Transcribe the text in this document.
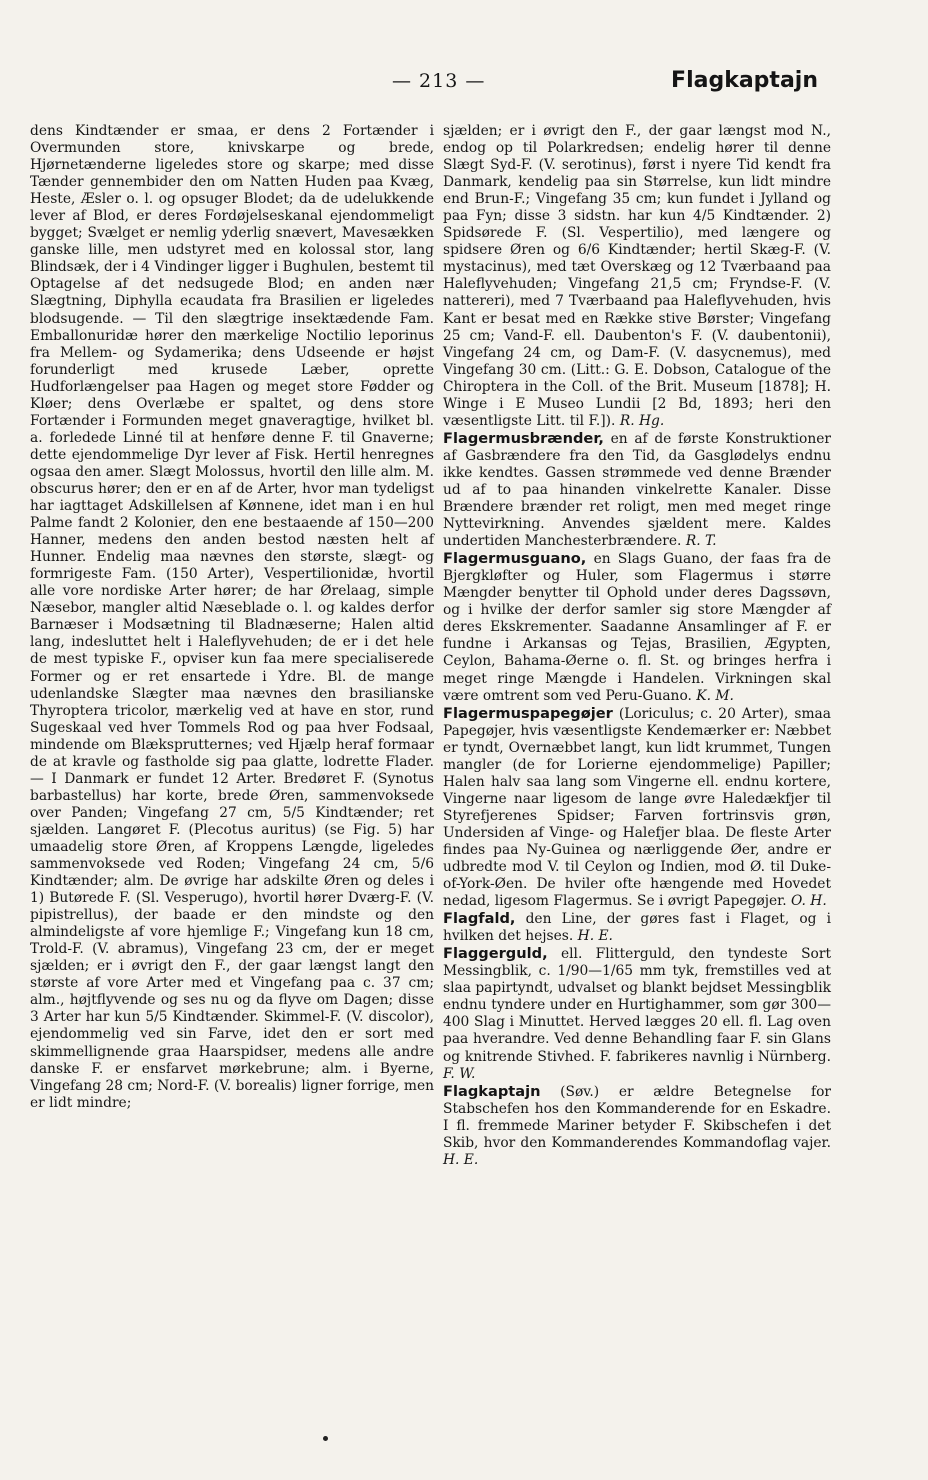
— 213 —	Flagkaptajn

dens Kindtænder er smaa, er dens 2 Fortænder i Overmunden store, knivskarpe og brede, Hjørnetænderne ligeledes store og skarpe; med disse Tænder gennembider den om Natten Huden paa Kvæg, Heste, Æsler o. l. og opsuger Blodet; da de udelukkende lever af Blod, er deres Fordøjelseskanal ejendommeligt bygget; Svælget er nemlig yderlig snævert, Mavesækken ganske lille, men udstyret med en kolossal stor, lang Blindsæk, der i 4 Vindinger ligger i Bughulen, bestemt til Optagelse af det nedsugede Blod; en anden nær Slægtning, Diphylla ecaudata fra Brasilien er ligeledes blodsugende. — Til den slægtrige insektædende Fam. Emballonuridæ hører den mærkelige Noctilio leporinus fra Mellem- og Sydamerika; dens Udseende er højst forunderligt med krusede Læber, oprette Hudforlængelser paa Hagen og meget store Fødder og Kløer; dens Overlæbe er spaltet, og dens store Fortænder i Formunden meget gnaveragtige, hvilket bl. a. forledede Linné til at henføre denne F. til Gnaverne; dette ejendommelige Dyr lever af Fisk. Hertil henregnes ogsaa den amer. Slægt Molossus, hvortil den lille alm. M. obscurus hører; den er en af de Arter, hvor man tydeligst har iagttaget Adskillelsen af Kønnene, idet man i en hul Palme fandt 2 Kolonier, den ene bestaaende af 150—200 Hanner, medens den anden bestod næsten helt af Hunner. Endelig maa nævnes den største, slægt- og formrigeste Fam. (150 Arter), Vespertilionidæ, hvortil alle vore nordiske Arter hører; de har Ørelaag, simple Næsebor, mangler altid Næseblade o. l. og kaldes derfor Barnæser i Modsætning til Bladnæserne; Halen altid lang, indesluttet helt i Haleflyvehuden; de er i det hele de mest typiske F., opviser kun faa mere specialiserede Former og er ret ensartede i Ydre. Bl. de mange udenlandske Slægter maa nævnes den brasilianske Thyroptera tricolor, mærkelig ved at have en stor, rund Sugeskaal ved hver Tommels Rod og paa hver Fodsaal, mindende om Blæksprutternes; ved Hjælp heraf formaar de at kravle og fastholde sig paa glatte, lodrette Flader. — I Danmark er fundet 12 Arter. Bredøret F. (Synotus barbastellus) har korte, brede Øren, sammenvoksede over Panden; Vingefang 27 cm, 5/5 Kindtænder; ret sjælden. Langøret F. (Plecotus auritus) (se Fig. 5) har umaadelig store Øren, af Kroppens Længde, ligeledes sammenvoksede ved Roden; Vingefang 24 cm, 5/6 Kindtænder; alm. De øvrige har adskilte Øren og deles i 1) Butørede F. (Sl. Vesperugo), hvortil hører Dværg-F. (V. pipistrellus), der baade er den mindste og den almindeligste af vore hjemlige F.; Vingefang kun 18 cm, Trold-F. (V. abramus), Vingefang 23 cm, der er meget sjælden; er i øvrigt den F., der gaar længst langt den største af vore Arter med et Vingefang paa c. 37 cm; alm., højtflyvende og ses nu og da flyve om Dagen; disse 3 Arter har kun 5/5 Kindtænder. Skimmel-F. (V. discolor), ejendommelig ved sin Farve, idet den er sort med skimmellignende graa Haarspidser, medens alle andre danske F. er ensfarvet mørkebrune; alm. i Byerne, Vingefang 28 cm; Nord-F. (V. borealis) ligner forrige, men er lidt mindre;

sjælden; er i øvrigt den F., der gaar længst mod N., endog op til Polarkredsen; endelig hører til denne Slægt Syd-F. (V. serotinus), først i nyere Tid kendt fra Danmark, kendelig paa sin Størrelse, kun lidt mindre end Brun-F.; Vingefang 35 cm; kun fundet i Jylland og paa Fyn; disse 3 sidstn. har kun 4/5 Kindtænder. 2) Spidsørede F. (Sl. Vespertilio), med længere og spidsere Øren og 6/6 Kindtænder; hertil Skæg-F. (V. mystacinus), med tæt Overskæg og 12 Tværbaand paa Haleflyvehuden; Vingefang 21,5 cm; Fryndse-F. (V. nattereri), med 7 Tværbaand paa Haleflyvehuden, hvis Kant er besat med en Række stive Børster; Vingefang 25 cm; Vand-F. ell. Daubenton's F. (V. daubentonii), Vingefang 24 cm, og Dam-F. (V. dasycnemus), med Vingefang 30 cm. (Litt.: G. E. Dobson, Catalogue of the Chiroptera in the Coll. of the Brit. Museum [1878]; H. Winge i E Museo Lundii [2 Bd, 1893; heri den væsentligste Litt. til F.]). R. Hg.

Flagermusbrænder, en af de første Konstruktioner af Gasbrændere fra den Tid, da Gasglødelys endnu ikke kendtes. Gassen strømmede ved denne Brænder ud af to paa hinanden vinkelrette Kanaler. Disse Brændere brænder ret roligt, men med meget ringe Nyttevirkning. Anvendes sjældent mere. Kaldes undertiden Manchesterbrændere. R. T.

Flagermusguano, en Slags Guano, der faas fra de Bjergkløfter og Huler, som Flagermus i større Mængder benytter til Ophold under deres Dagssøvn, og i hvilke der derfor samler sig store Mængder af deres Ekskrementer. Saadanne Ansamlinger af F. er fundne i Arkansas og Tejas, Brasilien, Ægypten, Ceylon, Bahama-Øerne o. fl. St. og bringes herfra i meget ringe Mængde i Handelen. Virkningen skal være omtrent som ved Peru-Guano. K. M.

Flagermuspapegøjer (Loriculus; c. 20 Arter), smaa Papegøjer, hvis væsentligste Kendemærker er: Næbbet er tyndt, Overnæbbet langt, kun lidt krummet, Tungen mangler (de for Lorierne ejendommelige) Papiller; Halen halv saa lang som Vingerne ell. endnu kortere, Vingerne naar ligesom de lange øvre Haledækfjer til Styrefjerenes Spidser; Farven fortrinsvis grøn, Undersiden af Vinge- og Halefjer blaa. De fleste Arter findes paa Ny-Guinea og nærliggende Øer, andre er udbredte mod V. til Ceylon og Indien, mod Ø. til Duke-of-York-Øen. De hviler ofte hængende med Hovedet nedad, ligesom Flagermus. Se i øvrigt Papegøjer. O. H.

Flagfald, den Line, der gøres fast i Flaget, og i hvilken det hejses. H. E.

Flaggerguld, ell. Flitterguld, den tyndeste Sort Messingblik, c. 1/90—1/65 mm tyk, fremstilles ved at slaa papirtyndt, udvalset og blankt bejdset Messingblik endnu tyndere under en Hurtighammer, som gør 300—400 Slag i Minuttet. Herved lægges 20 ell. fl. Lag oven paa hverandre. Ved denne Behandling faar F. sin Glans og knitrende Stivhed. F. fabrikeres navnlig i Nürnberg. F. W.

Flagkaptajn (Søv.) er ældre Betegnelse for Stabschefen hos den Kommanderende for en Eskadre. I fl. fremmede Mariner betyder F. Skibschefen i det Skib, hvor den Kommanderendes Kommandoflag vajer. H. E.
